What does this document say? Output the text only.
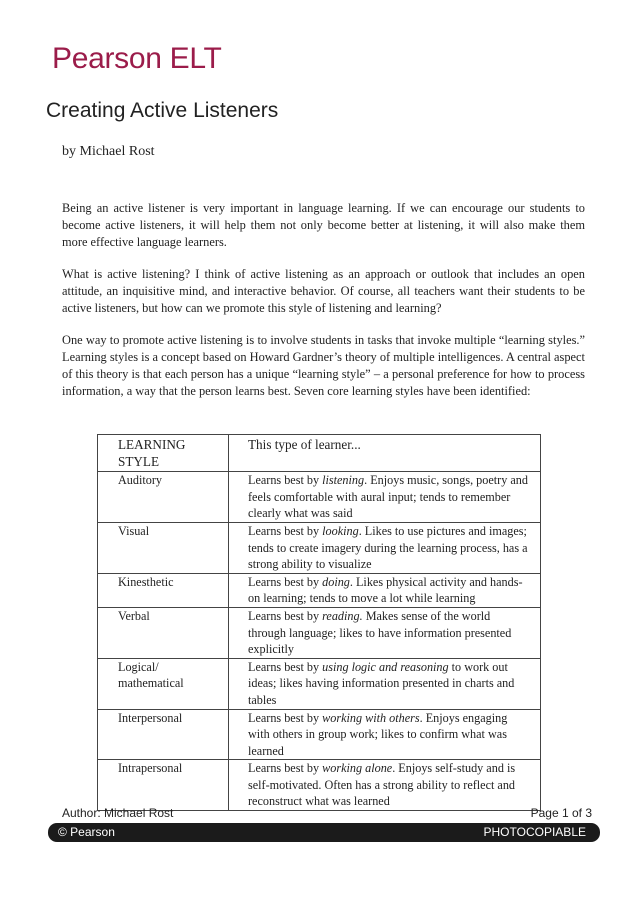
Pearson ELT
Creating Active Listeners
by Michael Rost

Being an active listener is very important in language learning. If we can encourage our students to become active listeners, it will help them not only become better at listening, it will also make them more effective language learners.

What is active listening? I think of active listening as an approach or outlook that includes an open attitude, an inquisitive mind, and interactive behavior. Of course, all teachers want their students to be active listeners, but how can we promote this style of listening and learning?

One way to promote active listening is to involve students in tasks that invoke multiple “learning styles.” Learning styles is a concept based on Howard Gardner’s theory of multiple intelligences. A central aspect of this theory is that each person has a unique “learning style” – a personal preference for how to process information, a way that the person learns best. Seven core learning styles have been identified:

LEARNING STYLE	This type of learner...
Auditory	Learns best by listening. Enjoys music, songs, poetry and feels comfortable with aural input; tends to remember clearly what was said
Visual	Learns best by looking. Likes to use pictures and images; tends to create imagery during the learning process, has a strong ability to visualize
Kinesthetic	Learns best by doing. Likes physical activity and hands-on learning; tends to move a lot while learning
Verbal	Learns best by reading. Makes sense of the world through language; likes to have information presented explicitly
Logical/ mathematical	Learns best by using logic and reasoning to work out ideas; likes having information presented in charts and tables
Interpersonal	Learns best by working with others. Enjoys engaging with others in group work; likes to confirm what was learned
Intrapersonal	Learns best by working alone. Enjoys self-study and is self-motivated. Often has a strong ability to reflect and reconstruct what was learned
Author: Michael Rost	Page 1 of 3
© Pearson	PHOTOCOPIABLE
